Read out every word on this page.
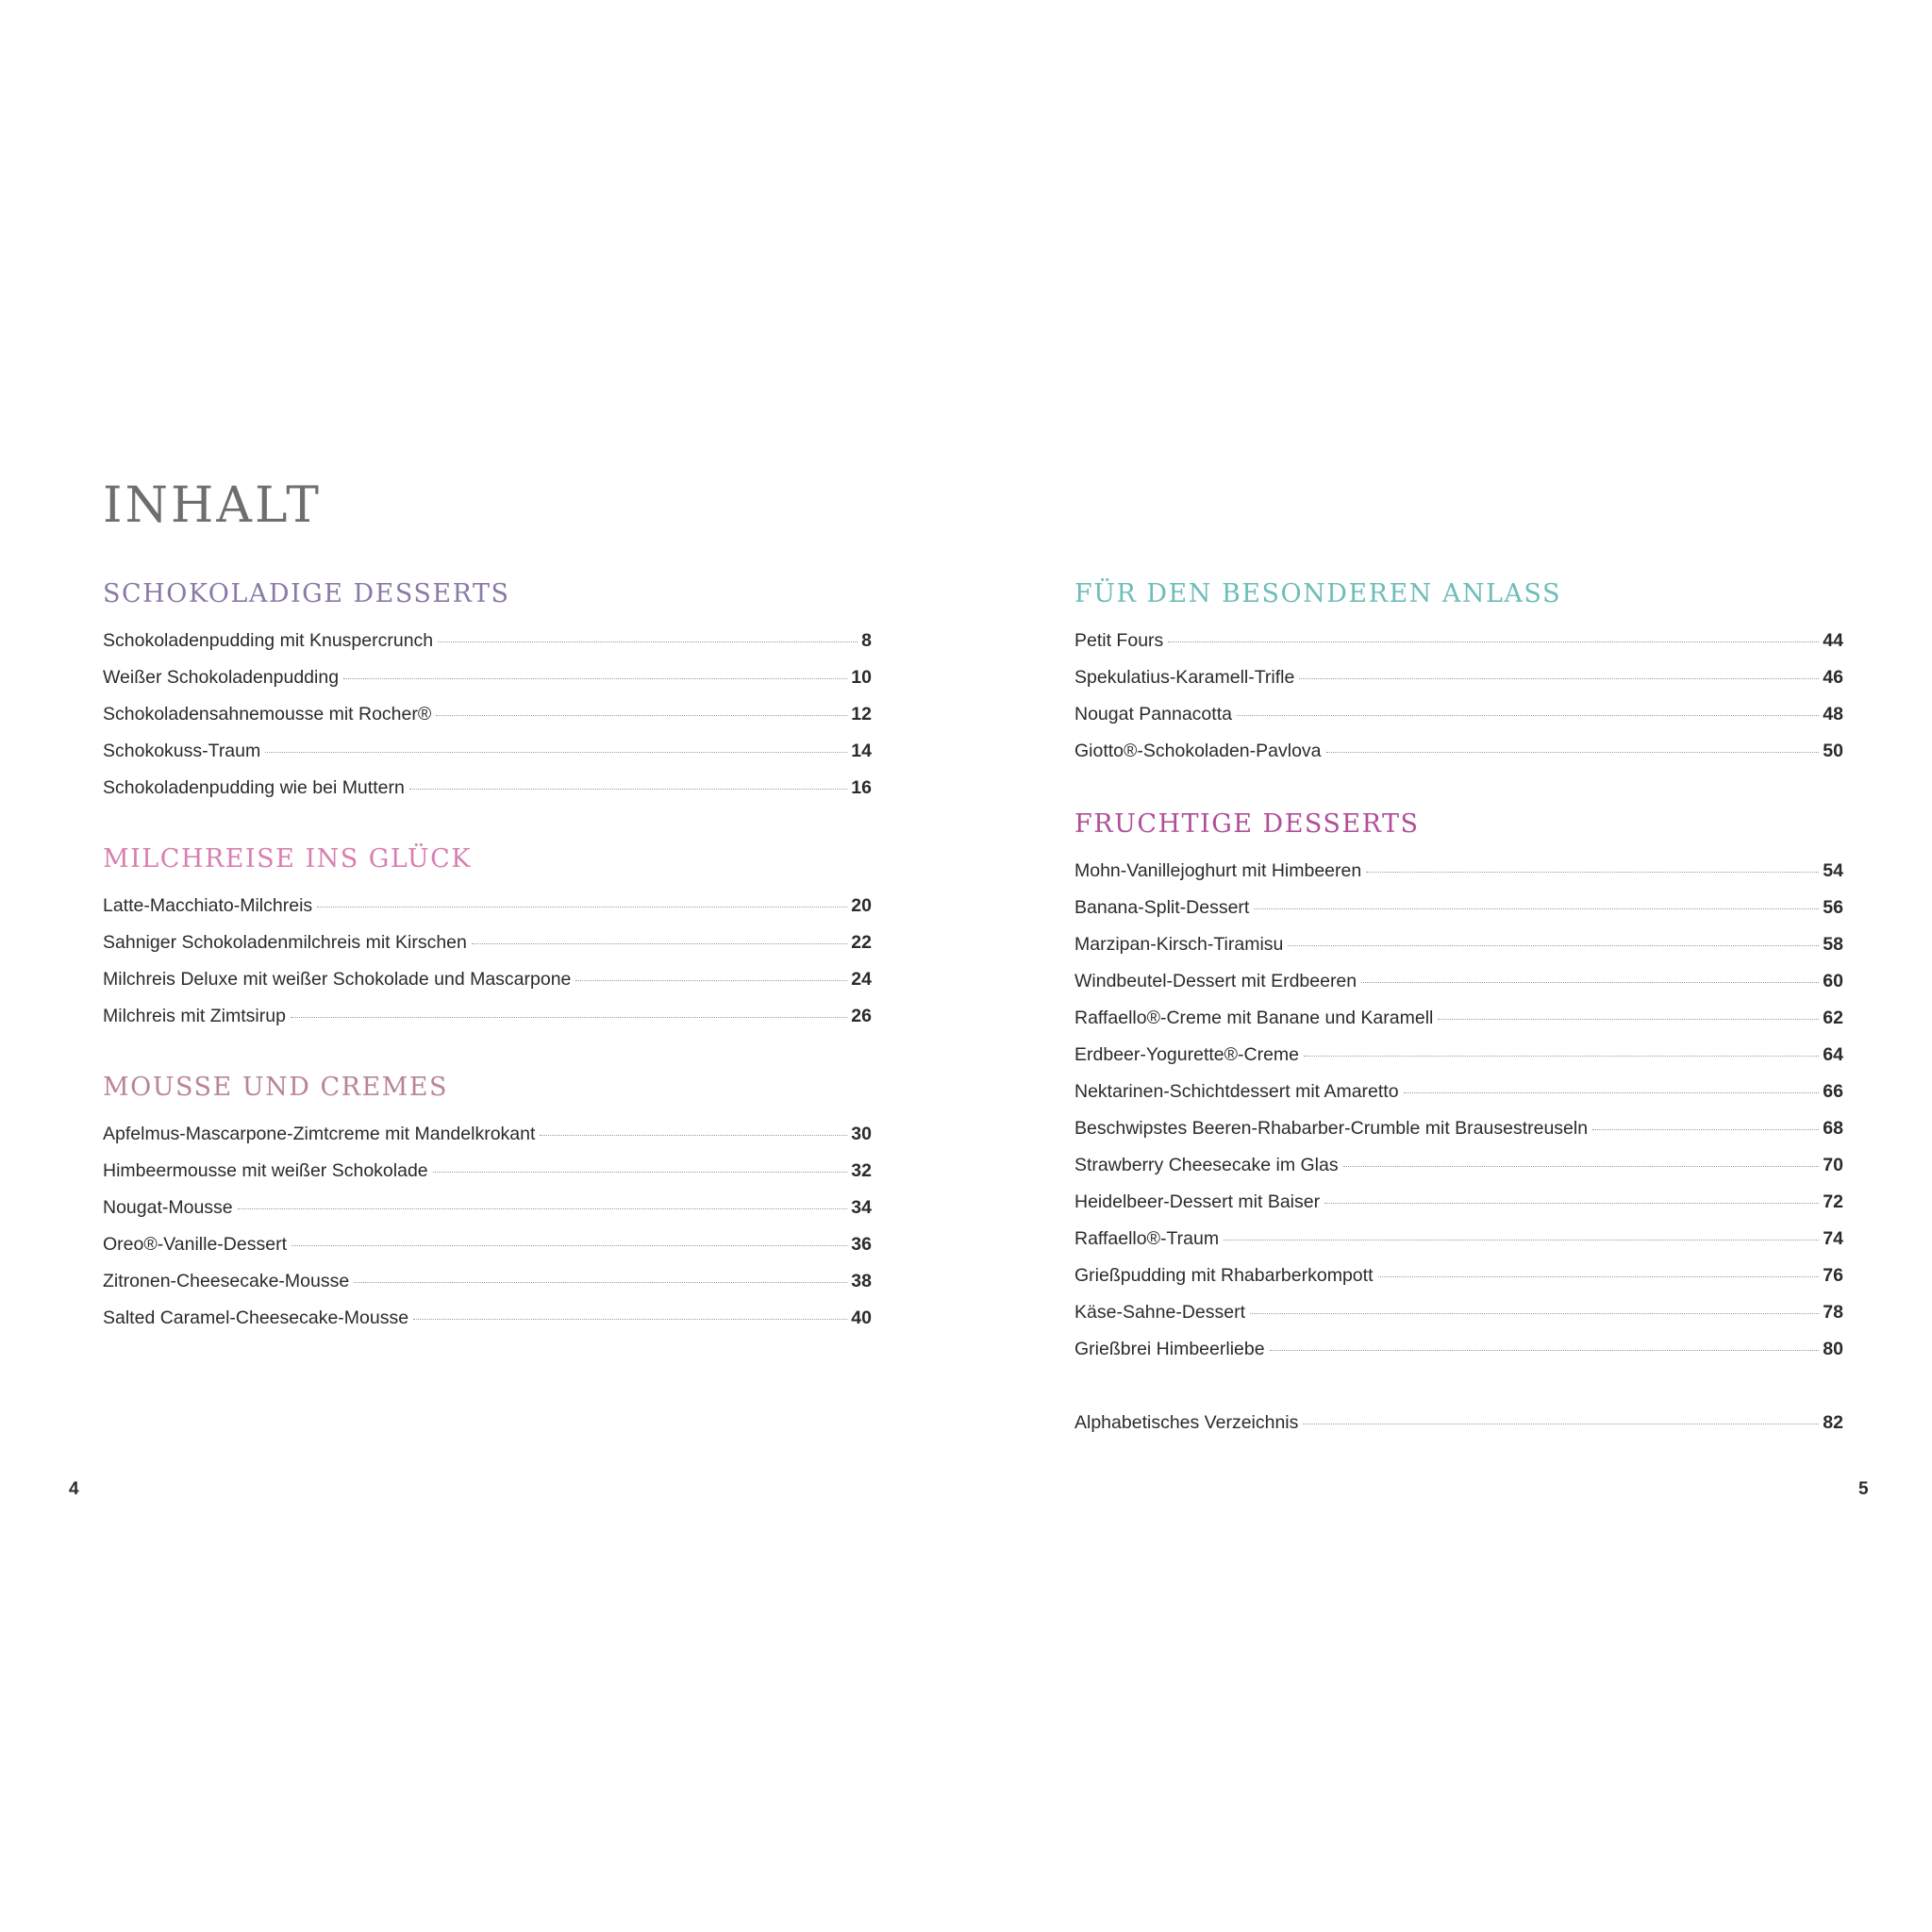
INHALT
SCHOKOLADIGE DESSERTS
Schokoladenpudding mit Knuspercrunch	8
Weißer Schokoladenpudding	10
Schokoladensahnemousse mit Rocher®	12
Schokokuss-Traum	14
Schokoladenpudding wie bei Muttern	16
MILCHREISE INS GLÜCK
Latte-Macchiato-Milchreis	20
Sahniger Schokoladenmilchreis mit Kirschen	22
Milchreis Deluxe mit weißer Schokolade und Mascarpone	24
Milchreis mit Zimtsirup	26
MOUSSE UND CREMES
Apfelmus-Mascarpone-Zimtcreme mit Mandelkrokant	30
Himbeermousse mit weißer Schokolade	32
Nougat-Mousse	34
Oreo®-Vanille-Dessert	36
Zitronen-Cheesecake-Mousse	38
Salted Caramel-Cheesecake-Mousse	40
FÜR DEN BESONDEREN ANLASS
Petit Fours	44
Spekulatius-Karamell-Trifle	46
Nougat Pannacotta	48
Giotto®-Schokoladen-Pavlova	50
FRUCHTIGE DESSERTS
Mohn-Vanillejoghurt mit Himbeeren	54
Banana-Split-Dessert	56
Marzipan-Kirsch-Tiramisu	58
Windbeutel-Dessert mit Erdbeeren	60
Raffaello®-Creme mit Banane und Karamell	62
Erdbeer-Yogurette®-Creme	64
Nektarinen-Schichtdessert mit Amaretto	66
Beschwipstes Beeren-Rhabarber-Crumble mit Brausestreuseln	68
Strawberry Cheesecake im Glas	70
Heidelbeer-Dessert mit Baiser	72
Raffaello®-Traum	74
Grießpudding mit Rhabarberkompott	76
Käse-Sahne-Dessert	78
Grießbrei Himbeerliebe	80
Alphabetisches Verzeichnis	82
4	5
